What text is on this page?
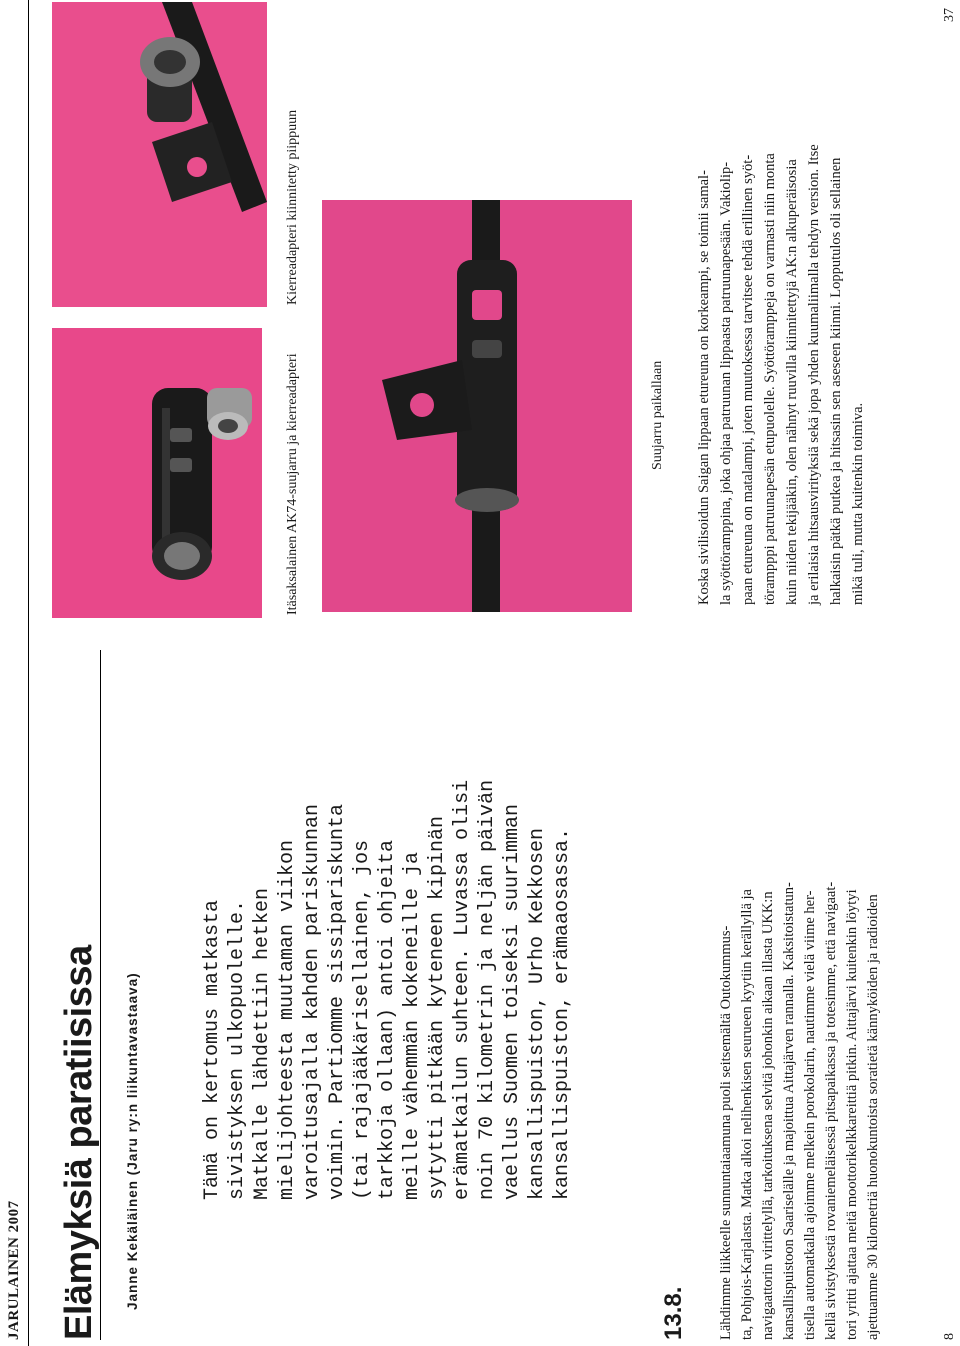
JARULAINEN 2007 Elämyksiä paratiisissa Janne Kekäläinen (Jaru ry:n liikuntavastaava)	Tämä on kertomus matkasta sivistyksen ulkopuolelle. Matkalle lähdettiin hetken mielijohteesta muutaman viikon varoitusajalla kahden pariskunnan voimin. Partiomme sissipariskunta (tai rajajääkärisellainen, jos tarkkoja ollaan) antoi ohjeita meille vähemmän kokeneille ja sytytti pitkään kyteneen kipinän erämatkailun suhteen. Luvassa olisi noin 70 kilometrin ja neljän päivän vaellus Suomen toiseksi suurimman kansallispuiston, Urho Kekkosen kansallispuiston, erämaaosassa.
13.8. Lähdimme liikkeelle sunnuntaiaamuna puoli seitsemältä Outokummus- ta, Pohjois-Karjalasta. Matka alkoi nelihenkisen seurueen kyytiin kerällyllä ja navigaattorin virittelyllä, tarkoituksena selvitä johonkin aikaan illasta UKK:n kansallispuistoon Saariselälle ja majoittua Aittajärven rannalla. Kaksitoistatun- tisella automatkalla ajoimme melkein porokolarin, nautimme vielä viime her- kellä sivistyksestä rovaniemeläisessä pitsapaikassa ja totesimme, että navigaat- tori yritti ajattaa meitä moottorikelkkareittiä pitkin. Aittajärvi kuitenkin löytyi ajettuamme 30 kilometriä huonokuntoista soratietä kännyköiden ja radioiden
Itäsaksalainen AK74-suujarru ja kierreadapteri
Kierreadapteri kiinnitetty piippuun
Suujarru paikallaan Koska sivilisoidun Saigan lippaan etureuna on korkeampi, se toimii samal- la syöttöramppina, joka ohjaa patruunan lippaasta patruunapesään. Vakiolip- paan etureuna on matalampi, joten muutoksessa tarvitsee tehdä erillinen syöt- törampppi patruunapesän etupuolelle. Syöttöramppeja on varmasti niin monta kuin niiden tekijääkin, olen nähnyt ruuvilla kiinnitettyjä AK:n alkuperäisosia ja erilaisia hitsausvirityksiä sekä jopa yhden kuumaliimalla tehdyn version. Itse halkaisin pätkä putkea ja hitsasin sen aseseen kiinni. Lopputulos oli sellainen mikä tuli, mutta kuitenkin toimiva.
8
37
